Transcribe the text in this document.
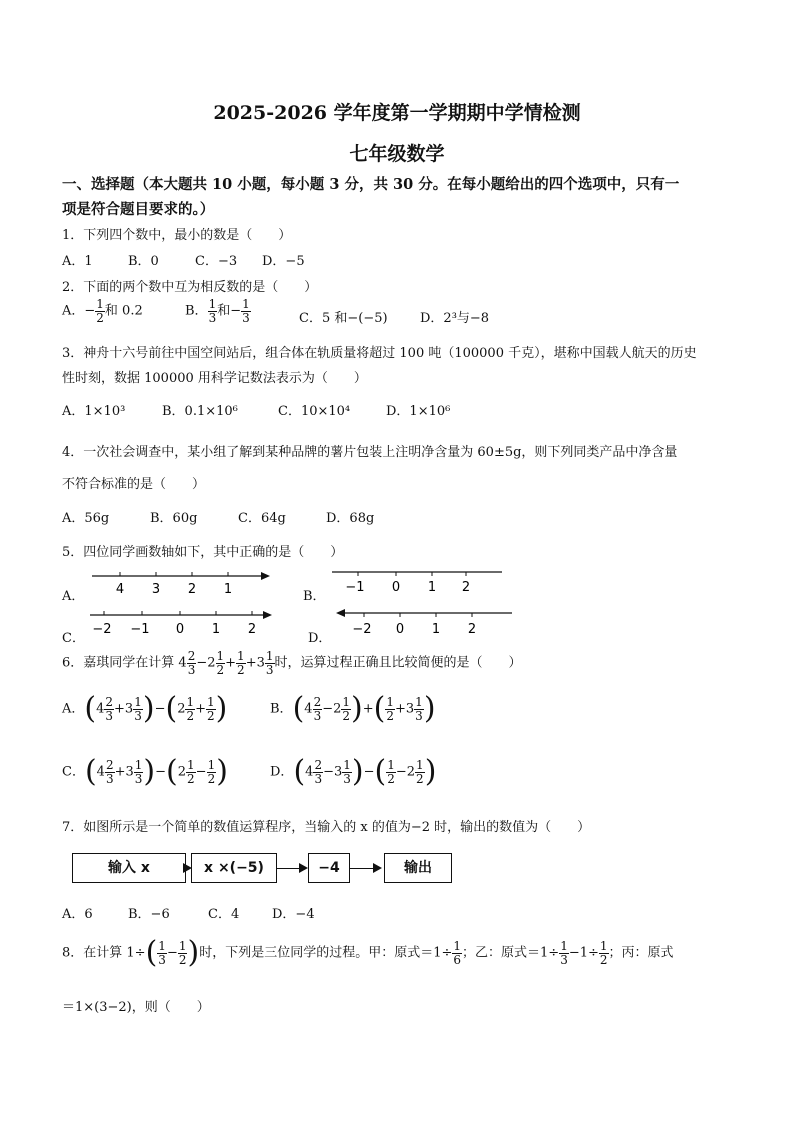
2025-2026 学年度第一学期期中学情检测
七年级数学
一、选择题（本大题共 10 小题，每小题 3 分，共 30 分。在每小题给出的四个选项中，只有一
项是符合题目要求的。）
1．下列四个数中，最小的数是（　　）
A．1	B．0	C．−3 D．−5
2．下面的两个数中互为相反数的是（　　）
A．− $\frac{1}{2}$ 和 0.2	B． $\frac{1}{3}$ 和− $\frac{1}{3}$	C．5 和−(−5) D．2³与−8
3．神舟十六号前往中国空间站后，组合体在轨质量将超过 100 吨（100000 千克），堪称中国载人航天的历史
性时刻，数据 100000 用科学记数法表示为（　　）
A．1×10³	B．0.1×10⁶	C．10×10⁴	D．1×10⁶
4．一次社会调查中，某小组了解到某种品牌的薯片包装上注明净含量为 60±5g，则下列同类产品中净含量
不符合标准的是（　　）
A．56g	B．60g	C．64g	D．68g
5．四位同学画数轴如下，其中正确的是（　　）
A．	B．
C．	D．
4 3 2 1	−1 0 1 2
−2 −1 0 1 2	−2 0 1 2
6．嘉琪同学在计算 $4 \frac{2}{3} -2 \frac{1}{2} + \frac{1}{2} +3 \frac{1}{3}$ 时，运算过程正确且比较简便的是（　　）
A．$(4 \frac{2}{3} +3 \frac{1}{3} )-(2 \frac{1}{2} + \frac{1}{2}$ )	B．($4 \frac{2}{3} -2 \frac{1}{2}$ )+( $\frac{1}{2} +3 \frac{1}{3}$ )
C．$(4 \frac{2}{3} +3 \frac{1}{3} )-(2 \frac{1}{2} - \frac{1}{2}$ )	D．($4 \frac{2}{3} -3 \frac{1}{3}$ )−( $\frac{1}{2} -2 \frac{1}{2}$ )
7．如图所示是一个简单的数值运算程序，当输入的 x 的值为−2 时，输出的数值为（　　）
输入 x	x ×(−5)	−4	输出
A．6	B．−6	C．4	D．−4
8．在计算 $1\div( \frac{1}{3} - \frac{1}{2}$ )时，下列是三位同学的过程。甲：原式$=1\div \frac{1}{6}$ ；乙：原式$=1\div \frac{1}{3} -1\div \frac{1}{2}$ ；丙：原式
＝1×(3−2)，则（　　）
